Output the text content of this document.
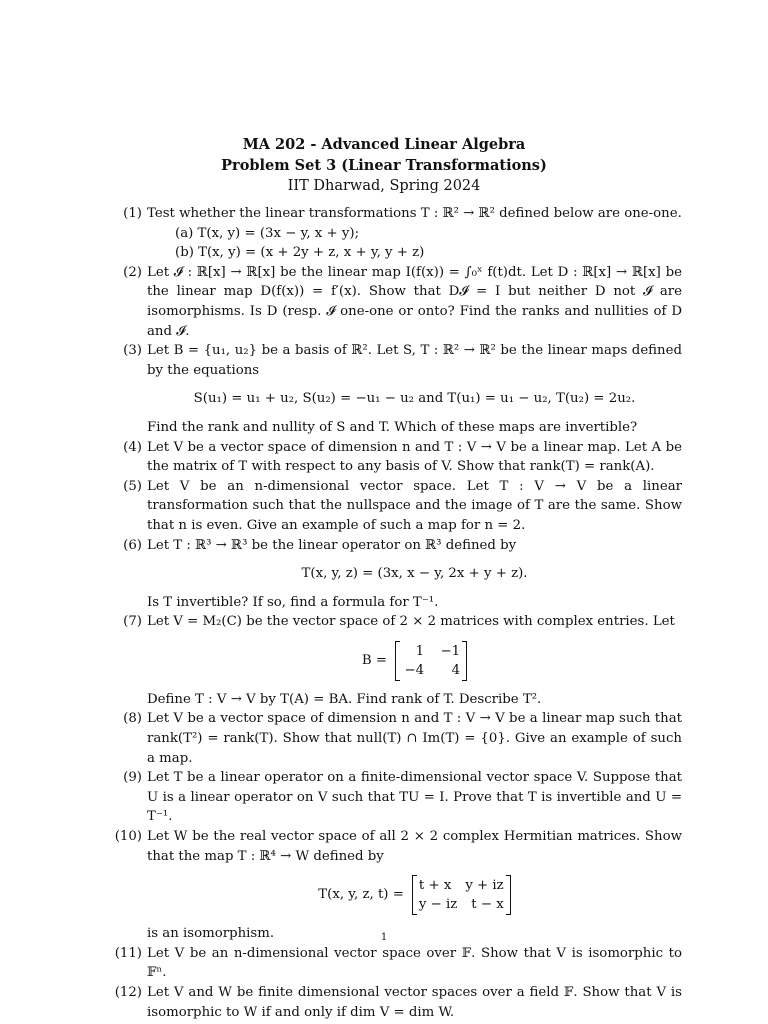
MA 202 - Advanced Linear Algebra
Problem Set 3 (Linear Transformations)
IIT Dharwad, Spring 2024
(1) Test whether the linear transformations T : ℝ² → ℝ² defined below are one-one.
(a) T(x, y) = (3x − y, x + y);
(b) T(x, y) = (x + 2y + z, x + y, y + z)
(2) Let 𝓘 : ℝ[x] → ℝ[x] be the linear map I(f(x)) = ∫₀ˣ f(t)dt. Let D : ℝ[x] → ℝ[x] be the linear map D(f(x)) = f′(x). Show that D𝓘 = I but neither D not 𝓘 are isomorphisms. Is D (resp. 𝓘 one-one or onto? Find the ranks and nullities of D and 𝓘.
(3) Let B = {u₁, u₂} be a basis of ℝ². Let S, T : ℝ² → ℝ² be the linear maps defined by the equations
S(u₁) = u₁ + u₂, S(u₂) = −u₁ − u₂ and T(u₁) = u₁ − u₂, T(u₂) = 2u₂.
Find the rank and nullity of S and T. Which of these maps are invertible?
(4) Let V be a vector space of dimension n and T : V → V be a linear map. Let A be the matrix of T with respect to any basis of V. Show that rank(T) = rank(A).
(5) Let V be an n-dimensional vector space. Let T : V → V be a linear transformation such that the nullspace and the image of T are the same. Show that n is even. Give an example of such a map for n = 2.
(6) Let T : ℝ³ → ℝ³ be the linear operator on ℝ³ defined by
T(x, y, z) = (3x, x − y, 2x + y + z).
Is T invertible? If so, find a formula for T⁻¹.
(7) Let V = M₂(C) be the vector space of 2 × 2 matrices with complex entries. Let
B =
1 −1
−4	4
Define T : V → V by T(A) = BA. Find rank of T. Describe T².
(8) Let V be a vector space of dimension n and T : V → V be a linear map such that rank(T²) = rank(T). Show that null(T) ∩ Im(T) = {0}. Give an example of such a map.
(9) Let T be a linear operator on a finite-dimensional vector space V. Suppose that U is a linear operator on V such that TU = I. Prove that T is invertible and U = T⁻¹.
(10) Let W be the real vector space of all 2 × 2 complex Hermitian matrices. Show that the map T : ℝ⁴ → W defined by
T(x, y, z, t) =
t + x y + iz
y − iz t − x
is an isomorphism.
(11) Let V be an n-dimensional vector space over 𝔽. Show that V is isomorphic to 𝔽ⁿ.
(12) Let V and W be finite dimensional vector spaces over a field 𝔽. Show that V is isomorphic to W if and only if dim V = dim W.
1
